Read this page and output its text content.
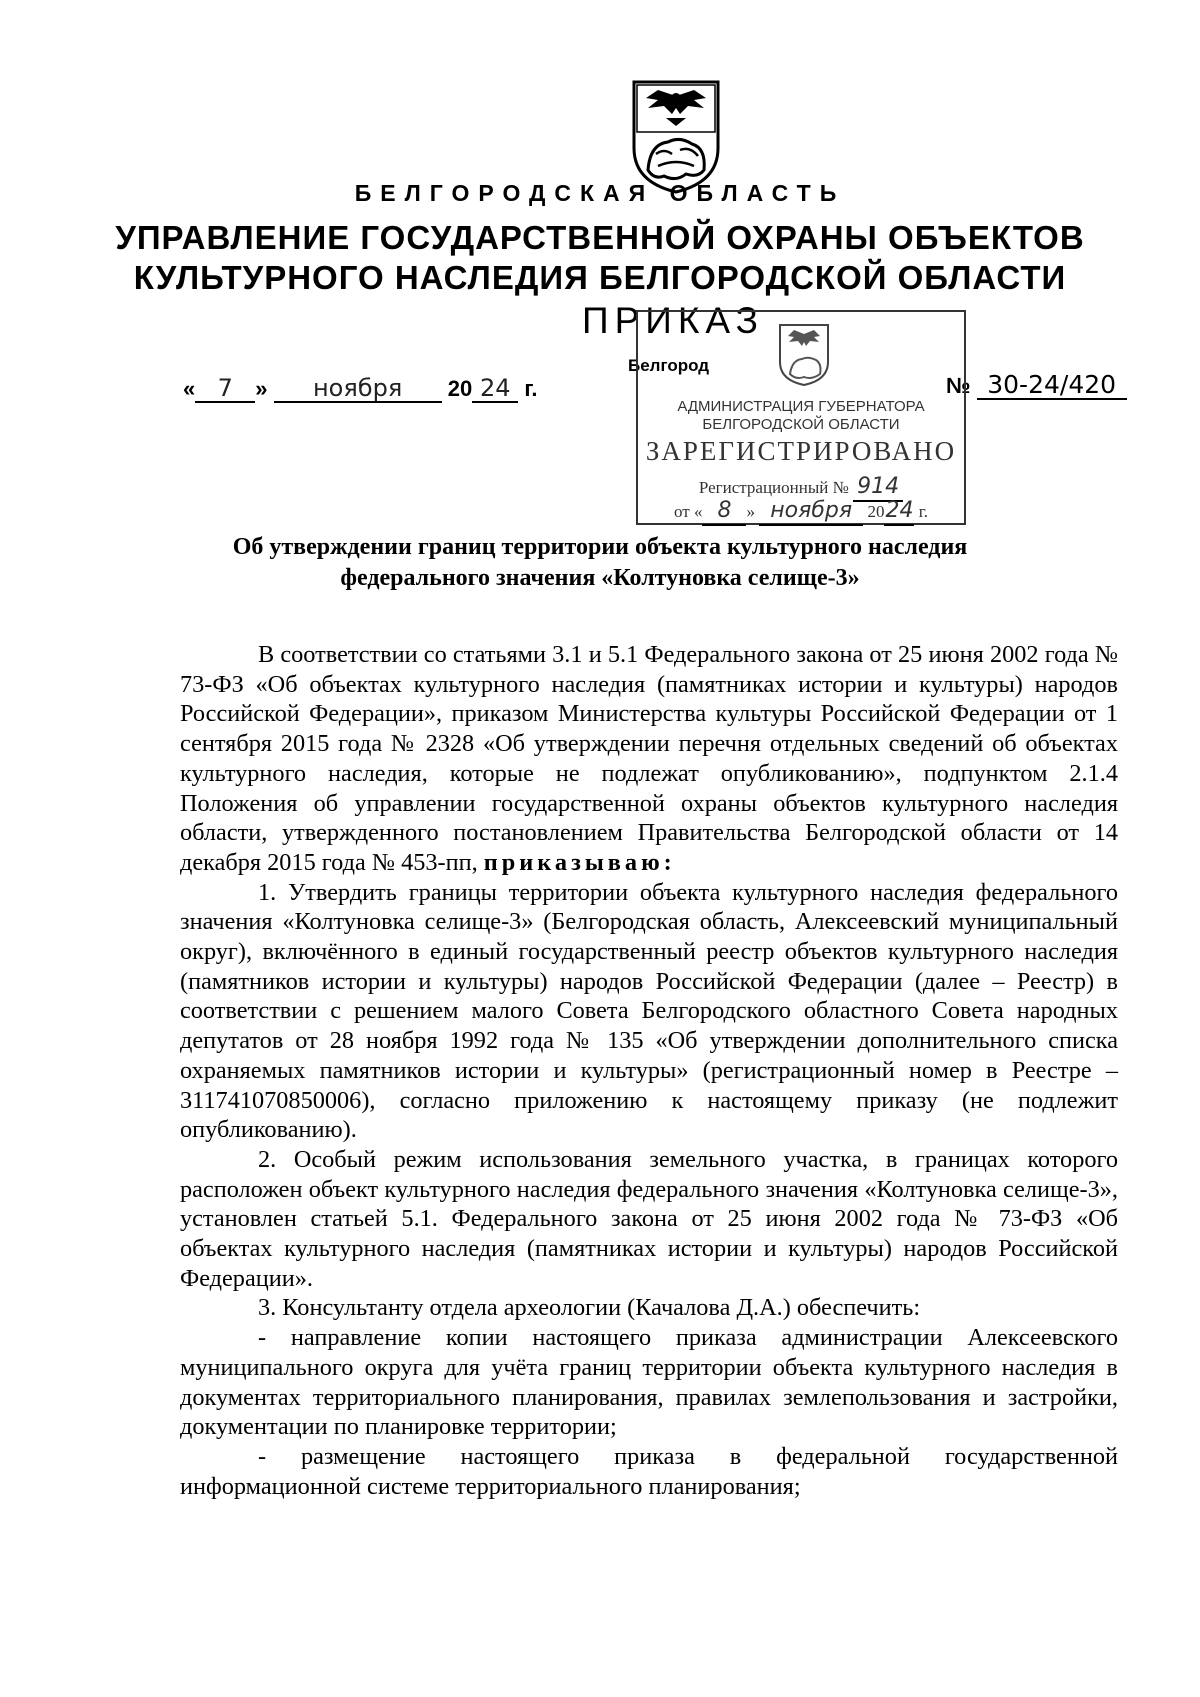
БЕЛГОРОДСКАЯ ОБЛАСТЬ
УПРАВЛЕНИЕ ГОСУДАРСТВЕННОЙ ОХРАНЫ ОБЪЕКТОВ
КУЛЬТУРНОГО НАСЛЕДИЯ БЕЛГОРОДСКОЙ ОБЛАСТИ
ПРИКАЗ
Белгород
« 7 » ноября 20 24 г.	№ 30-24/420
АДМИНИСТРАЦИЯ ГУБЕРНАТОРА
БЕЛГОРОДСКОЙ ОБЛАСТИ
ЗАРЕГИСТРИРОВАНО
Регистрационный № 914
от « 8 » ноября 2024 г.
Об утверждении границ территории объекта культурного наследия
федерального значения «Колтуновка селище-3»

В соответствии со статьями 3.1 и 5.1 Федерального закона от 25 июня 2002 года № 73-ФЗ «Об объектах культурного наследия (памятниках истории и культуры) народов Российской Федерации», приказом Министерства культуры Российской Федерации от 1 сентября 2015 года № 2328 «Об утверждении перечня отдельных сведений об объектах культурного наследия, которые не подлежат опубликованию», подпунктом 2.1.4 Положения об управлении государственной охраны объектов культурного наследия области, утвержденного постановлением Правительства Белгородской области от 14 декабря 2015 года № 453-пп, приказываю:

1. Утвердить границы территории объекта культурного наследия федерального значения «Колтуновка селище-3» (Белгородская область, Алексеевский муниципальный округ), включённого в единый государственный реестр объектов культурного наследия (памятников истории и культуры) народов Российской Федерации (далее – Реестр) в соответствии с решением малого Совета Белгородского областного Совета народных депутатов от 28 ноября 1992 года № 135 «Об утверждении дополнительного списка охраняемых памятников истории и культуры» (регистрационный номер в Реестре – 311741070850006), согласно приложению к настоящему приказу (не подлежит опубликованию).

2. Особый режим использования земельного участка, в границах которого расположен объект культурного наследия федерального значения «Колтуновка селище-3», установлен статьей 5.1. Федерального закона от 25 июня 2002 года № 73-ФЗ «Об объектах культурного наследия (памятниках истории и культуры) народов Российской Федерации».

3. Консультанту отдела археологии (Качалова Д.А.) обеспечить:

- направление копии настоящего приказа администрации Алексеевского муниципального округа для учёта границ территории объекта культурного наследия в документах территориального планирования, правилах землепользования и застройки, документации по планировке территории;

- размещение настоящего приказа в федеральной государственной информационной системе территориального планирования;
